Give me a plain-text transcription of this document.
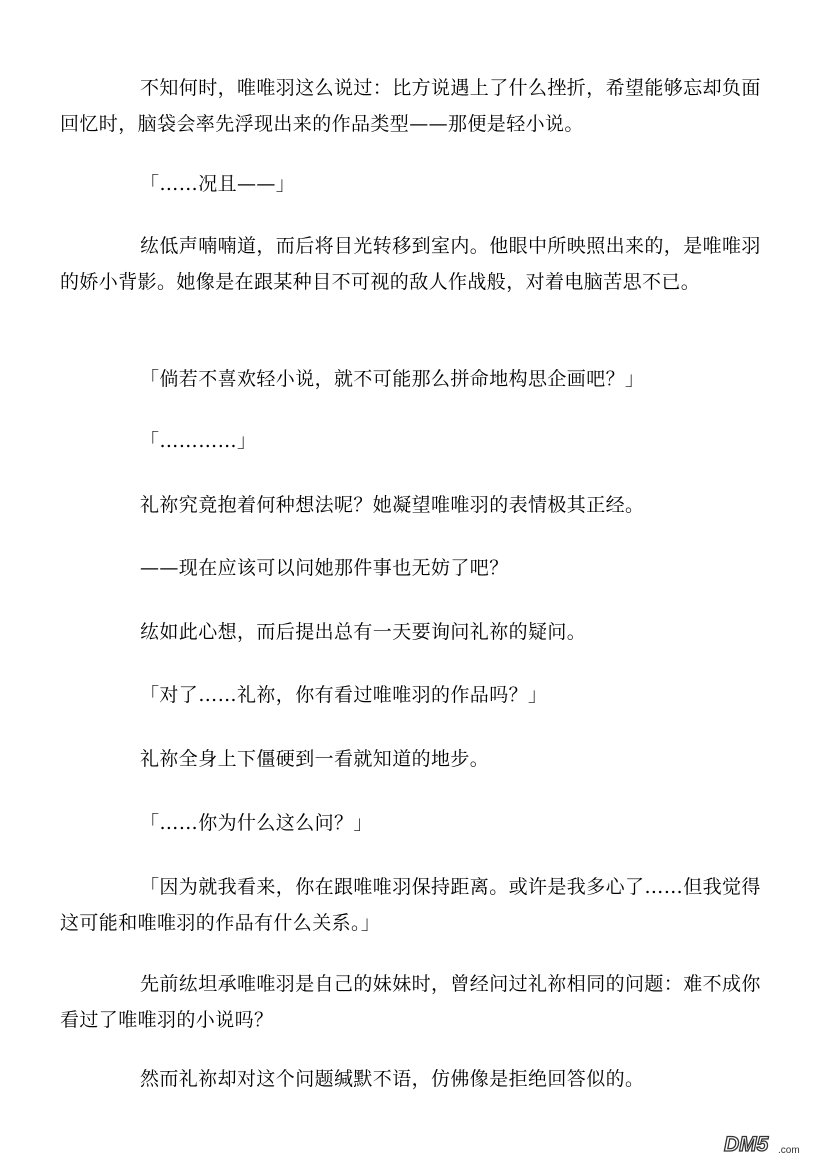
不知何时，唯唯羽这么说过：比方说遇上了什么挫折，希望能够忘却负面回忆时，脑袋会率先浮现出来的作品类型——那便是轻小说。

「……况且——」

纮低声喃喃道，而后将目光转移到室内。他眼中所映照出来的，是唯唯羽的娇小背影。她像是在跟某种目不可视的敌人作战般，对着电脑苦思不已。

「倘若不喜欢轻小说，就不可能那么拼命地构思企画吧？」

「…………」

礼祢究竟抱着何种想法呢？她凝望唯唯羽的表情极其正经。

——现在应该可以问她那件事也无妨了吧？

纮如此心想，而后提出总有一天要询问礼祢的疑问。

「对了……礼祢，你有看过唯唯羽的作品吗？」

礼祢全身上下僵硬到一看就知道的地步。

「……你为什么这么问？」

「因为就我看来，你在跟唯唯羽保持距离。或许是我多心了……但我觉得这可能和唯唯羽的作品有什么关系。」

先前纮坦承唯唯羽是自己的妹妹时，曾经问过礼祢相同的问题：难不成你看过了唯唯羽的小说吗？

然而礼祢却对这个问题缄默不语，仿佛像是拒绝回答似的。

DM5 .com
